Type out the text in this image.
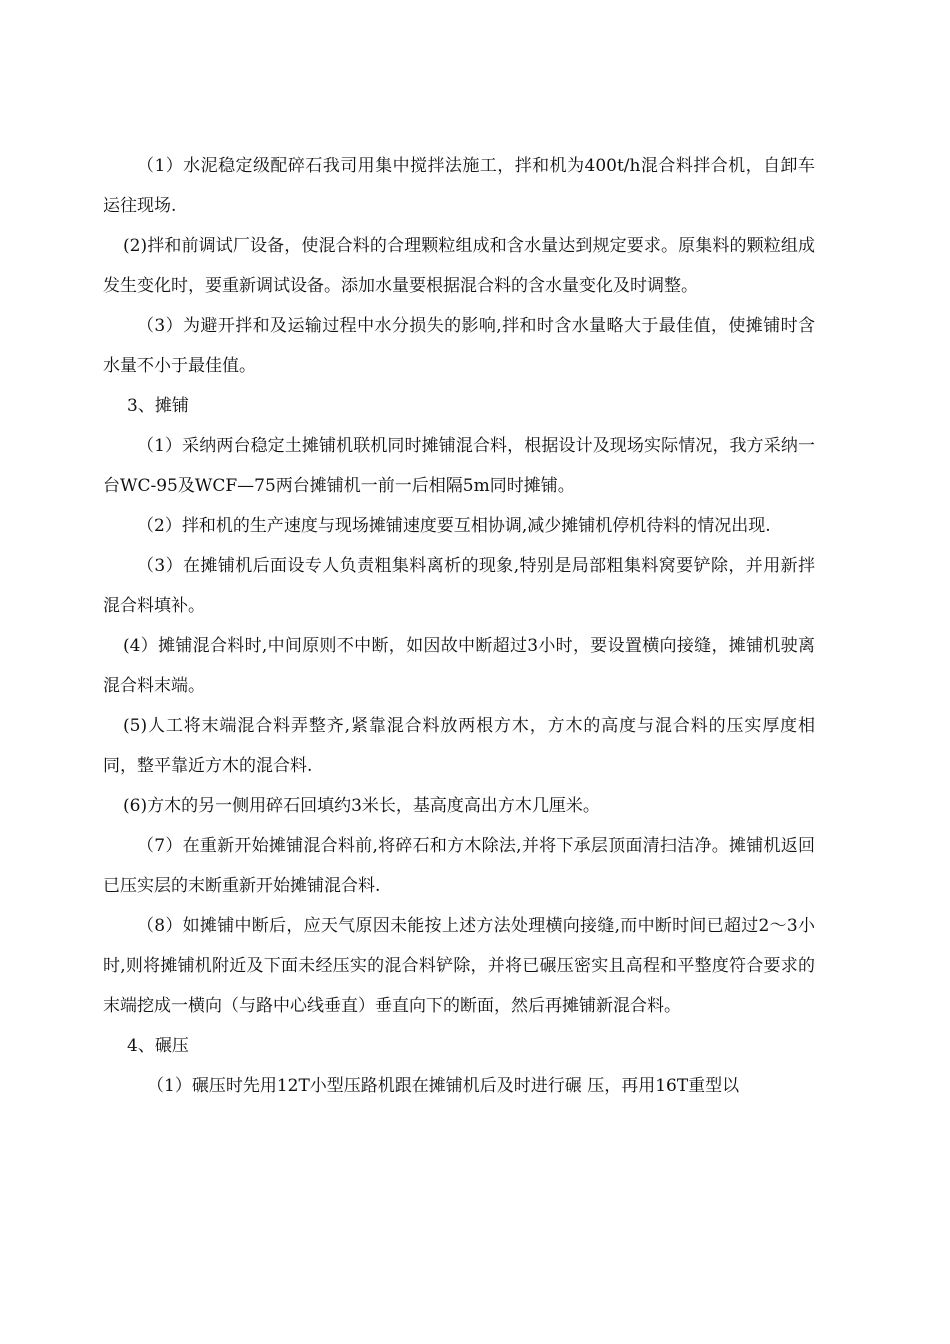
（1）水泥稳定级配碎石我司用集中搅拌法施工，拌和机为400t/h混合料拌合机，自卸车运往现场.

(2)拌和前调试厂设备，使混合料的合理颗粒组成和含水量达到规定要求。原集料的颗粒组成发生变化时，要重新调试设备。添加水量要根据混合料的含水量变化及时调整。

（3）为避开拌和及运输过程中水分损失的影响,拌和时含水量略大于最佳值，使摊铺时含水量不小于最佳值。

3、摊铺

（1）采纳两台稳定土摊铺机联机同时摊铺混合料，根据设计及现场实际情况，我方采纳一台WC-95及WCF—75两台摊铺机一前一后相隔5m同时摊铺。

（2）拌和机的生产速度与现场摊铺速度要互相协调,减少摊铺机停机待料的情况出现.

（3）在摊铺机后面设专人负责粗集料离析的现象,特别是局部粗集料窝要铲除，并用新拌混合料填补。

(4）摊铺混合料时,中间原则不中断，如因故中断超过3小时，要设置横向接缝，摊铺机驶离混合料末端。

(5)人工将末端混合料弄整齐,紧靠混合料放两根方木，方木的高度与混合料的压实厚度相同，整平靠近方木的混合料.

(6)方木的另一侧用碎石回填约3米长，基高度高出方木几厘米。

（7）在重新开始摊铺混合料前,将碎石和方木除法,并将下承层顶面清扫洁净。摊铺机返回已压实层的末断重新开始摊铺混合料.

（8）如摊铺中断后，应天气原因未能按上述方法处理横向接缝,而中断时间已超过2～3小时,则将摊铺机附近及下面未经压实的混合料铲除，并将已碾压密实且高程和平整度符合要求的末端挖成一横向（与路中心线垂直）垂直向下的断面，然后再摊铺新混合料。

4、碾压

（1）碾压时先用12T小型压路机跟在摊铺机后及时进行碾 压，再用16T重型以
